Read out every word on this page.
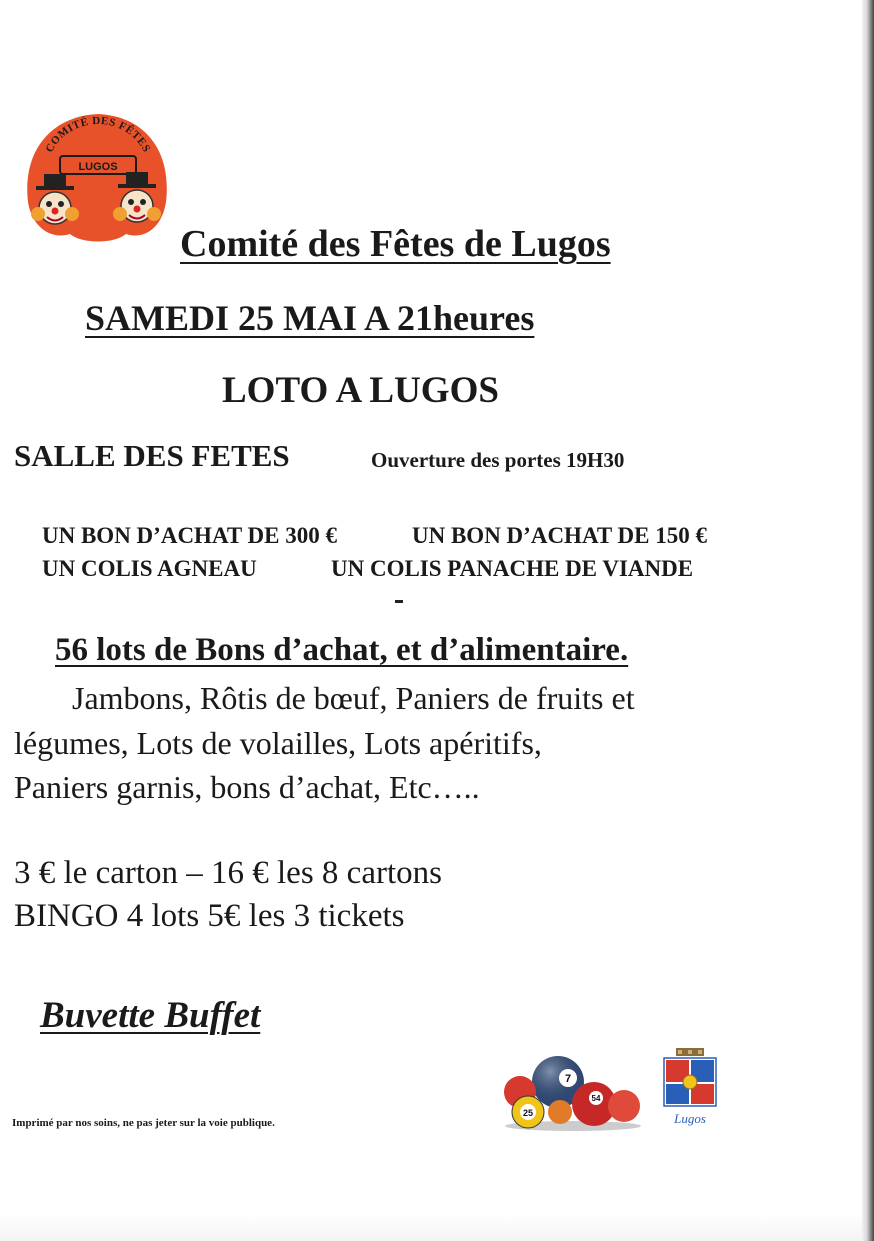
COMITÉ DES FÊTES
LUGOS
Comité des Fêtes de Lugos
SAMEDI 25 MAI A 21heures
LOTO A LUGOS
SALLE DES FETES	Ouverture des portes 19H30
UN BON D’ACHAT DE 300 €	UN BON D’ACHAT DE 150 €
UN COLIS AGNEAU	UN COLIS PANACHE DE VIANDE
56 lots de Bons d’achat, et d’alimentaire.
Jambons, Rôtis de bœuf, Paniers de fruits et
légumes, Lots de volailles, Lots apéritifs,
Paniers garnis, bons d’achat, Etc…..
3 € le carton – 16 € les 8 cartons
BINGO 4 lots 5€ les 3 tickets
Buvette Buffet
Imprimé par nos soins, ne pas jeter sur la voie publique.
7
25
54
Lugos
